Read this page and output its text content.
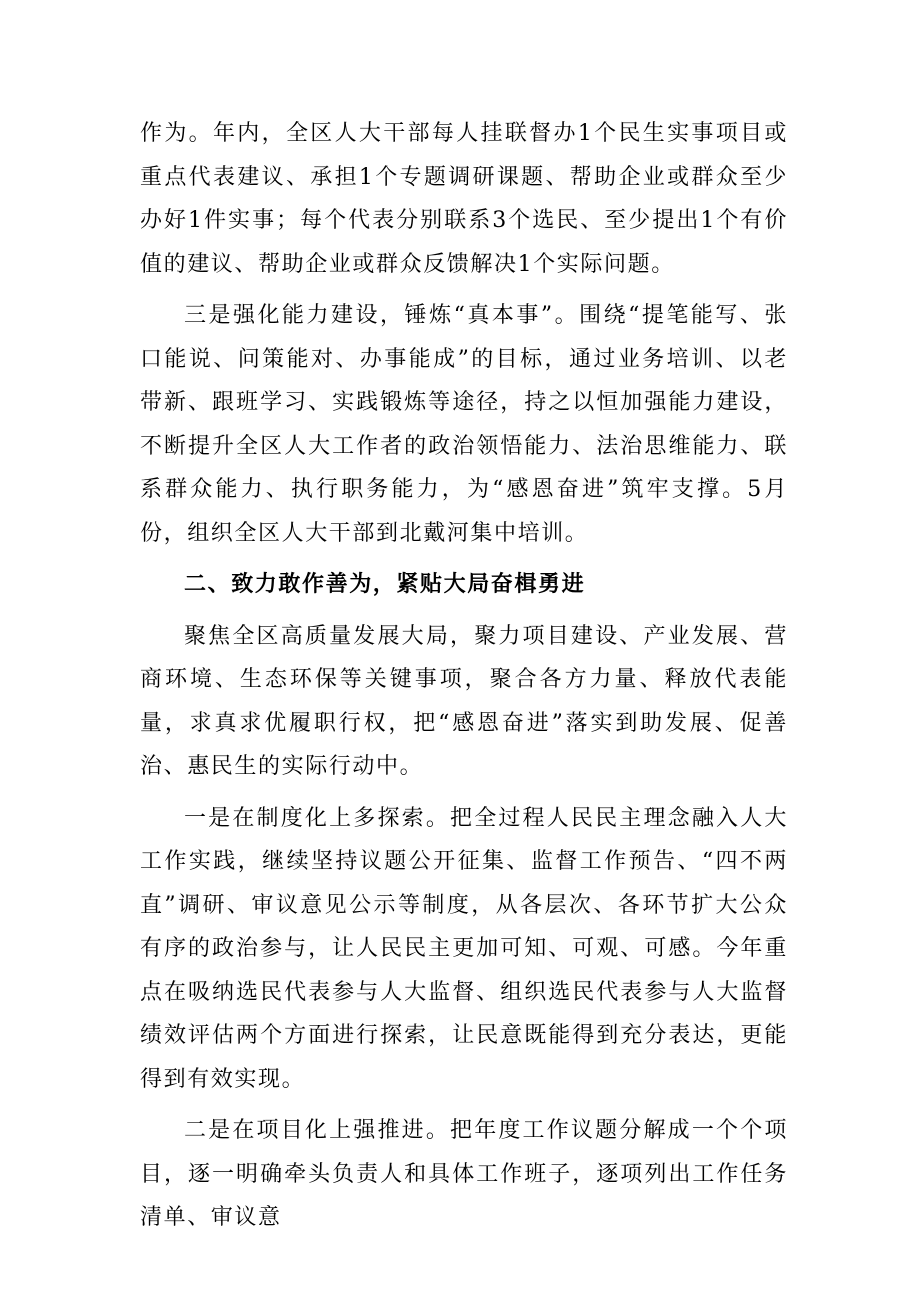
作为。年内，全区人大干部每人挂联督办1个民生实事项目或重点代表建议、承担1个专题调研课题、帮助企业或群众至少办好1件实事；每个代表分别联系3个选民、至少提出1个有价值的建议、帮助企业或群众反馈解决1个实际问题。

三是强化能力建设，锤炼“真本事”。围绕“提笔能写、张口能说、问策能对、办事能成”的目标，通过业务培训、以老带新、跟班学习、实践锻炼等途径，持之以恒加强能力建设，不断提升全区人大工作者的政治领悟能力、法治思维能力、联系群众能力、执行职务能力，为“感恩奋进”筑牢支撑。5月份，组织全区人大干部到北戴河集中培训。

二、致力敢作善为，紧贴大局奋楫勇进

聚焦全区高质量发展大局，聚力项目建设、产业发展、营商环境、生态环保等关键事项，聚合各方力量、释放代表能量，求真求优履职行权，把“感恩奋进”落实到助发展、促善治、惠民生的实际行动中。

一是在制度化上多探索。把全过程人民民主理念融入人大工作实践，继续坚持议题公开征集、监督工作预告、“四不两直”调研、审议意见公示等制度，从各层次、各环节扩大公众有序的政治参与，让人民民主更加可知、可观、可感。今年重点在吸纳选民代表参与人大监督、组织选民代表参与人大监督绩效评估两个方面进行探索，让民意既能得到充分表达，更能得到有效实现。

二是在项目化上强推进。把年度工作议题分解成一个个项目，逐一明确牵头负责人和具体工作班子，逐项列出工作任务清单、审议意
